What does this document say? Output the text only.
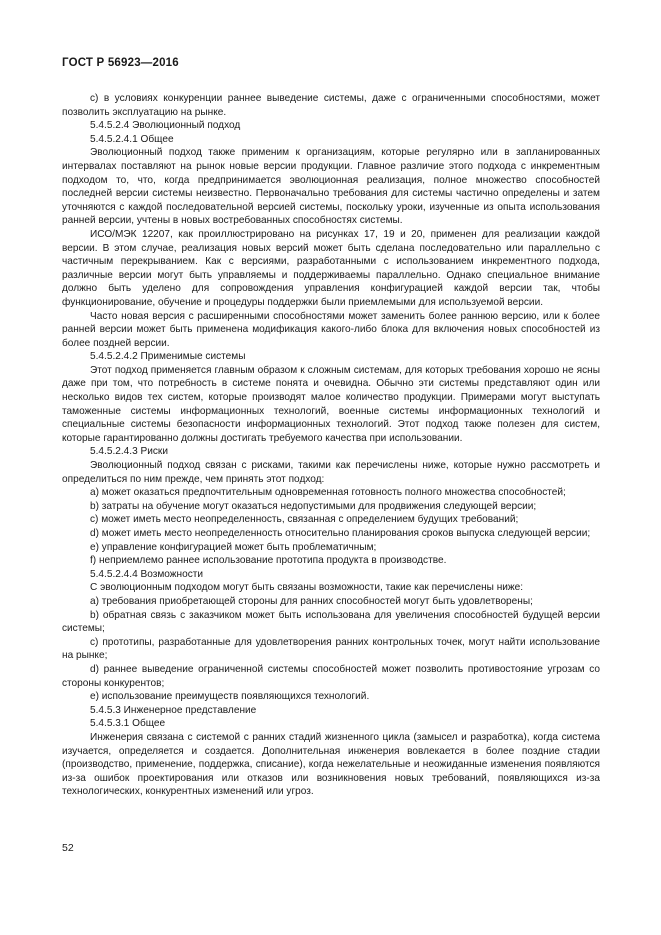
ГОСТ Р 56923—2016

c) в условиях конкуренции раннее выведение системы, даже с ограниченными способностями, может позволить эксплуатацию на рынке.

5.4.5.2.4 Эволюционный подход

5.4.5.2.4.1 Общее

Эволюционный подход также применим к организациям, которые регулярно или в запланированных интервалах поставляют на рынок новые версии продукции. Главное различие этого подхода с инкрементным подходом то, что, когда предпринимается эволюционная реализация, полное множество способностей последней версии системы неизвестно. Первоначально требования для системы частично определены и затем уточняются с каждой последовательной версией системы, поскольку уроки, изученные из опыта использования ранней версии, учтены в новых востребованных способностях системы.

ИСО/МЭК 12207, как проиллюстрировано на рисунках 17, 19 и 20, применен для реализации каждой версии. В этом случае, реализация новых версий может быть сделана последовательно или параллельно с частичным перекрыванием. Как с версиями, разработанными с использованием инкрементного подхода, различные версии могут быть управляемы и поддерживаемы параллельно. Однако специальное внимание должно быть уделено для сопровождения управления конфигурацией каждой версии так, чтобы функционирование, обучение и процедуры поддержки были приемлемыми для используемой версии.

Часто новая версия с расширенными способностями может заменить более раннюю версию, или к более ранней версии может быть применена модификация какого-либо блока для включения новых способностей из более поздней версии.

5.4.5.2.4.2 Применимые системы

Этот подход применяется главным образом к сложным системам, для которых требования хорошо не ясны даже при том, что потребность в системе понята и очевидна. Обычно эти системы представляют один или несколько видов тех систем, которые производят малое количество продукции. Примерами могут выступать таможенные системы информационных технологий, военные системы информационных технологий и специальные системы безопасности информационных технологий. Этот подход также полезен для систем, которые гарантированно должны достигать требуемого качества при использовании.

5.4.5.2.4.3 Риски

Эволюционный подход связан с рисками, такими как перечислены ниже, которые нужно рассмотреть и определиться по ним прежде, чем принять этот подход:

a) может оказаться предпочтительным одновременная готовность полного множества способностей;

b) затраты на обучение могут оказаться недопустимыми для продвижения следующей версии;

c) может иметь место неопределенность, связанная с определением будущих требований;

d) может иметь место неопределенность относительно планирования сроков выпуска следующей версии;

e) управление конфигурацией может быть проблематичным;

f) неприемлемо раннее использование прототипа продукта в производстве.

5.4.5.2.4.4 Возможности

С эволюционным подходом могут быть связаны возможности, такие как перечислены ниже:

a) требования приобретающей стороны для ранних способностей могут быть удовлетворены;

b) обратная связь с заказчиком может быть использована для увеличения способностей будущей версии системы;

c) прототипы, разработанные для удовлетворения ранних контрольных точек, могут найти использование на рынке;

d) раннее выведение ограниченной системы способностей может позволить противостояние угрозам со стороны конкурентов;

e) использование преимуществ появляющихся технологий.

5.4.5.3 Инженерное представление

5.4.5.3.1 Общее

Инженерия связана с системой с ранних стадий жизненного цикла (замысел и разработка), когда система изучается, определяется и создается. Дополнительная инженерия вовлекается в более поздние стадии (производство, применение, поддержка, списание), когда нежелательные и неожиданные изменения появляются из-за ошибок проектирования или отказов или возникновения новых требований, появляющихся из-за технологических, конкурентных изменений или угроз.

52
